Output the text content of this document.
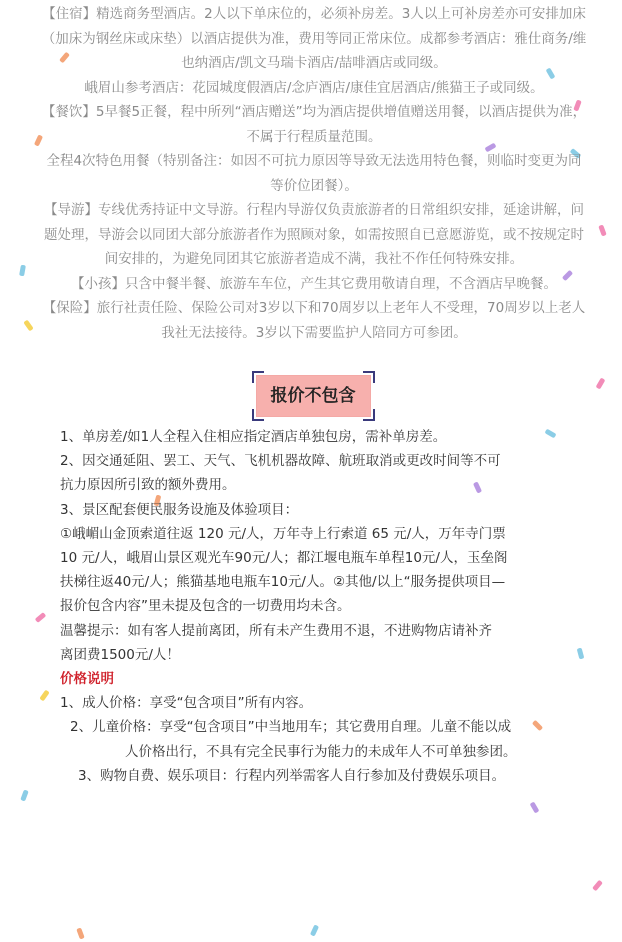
【住宿】精选商务型酒店。2人以下单床位的，必须补房差。3人以上可补房差亦可安排加床（加床为钢丝床或床垫）以酒店提供为准，费用等同正常床位。成都参考酒店：雅仕商务/维也纳酒店/凯文马瑞卡酒店/喆啡酒店或同级。

峨眉山参考酒店：花园城度假酒店/念庐酒店/康佳宜居酒店/熊猫王子或同级。

【餐饮】5早餐5正餐，程中所列“酒店赠送”均为酒店提供增值赠送用餐，以酒店提供为准，不属于行程质量范围。

全程4次特色用餐（特别备注：如因不可抗力原因等导致无法选用特色餐，则临时变更为同等价位团餐）。

【导游】专线优秀持证中文导游。行程内导游仅负责旅游者的日常组织安排，延途讲解，问题处理，导游会以同团大部分旅游者作为照顾对象，如需按照自已意愿游览，或不按规定时间安排的，为避免同团其它旅游者造成不满，我社不作任何特殊安排。

【小孩】只含中餐半餐、旅游车车位，产生其它费用敬请自理，不含酒店早晚餐。

【保险】旅行社责任险、保险公司对3岁以下和70周岁以上老年人不受理，70周岁以上老人我社无法接待。3岁以下需要监护人陪同方可参团。

报价不包含

1、单房差/如1人全程入住相应指定酒店单独包房，需补单房差。

2、因交通延阻、罢工、天气、飞机机器故障、航班取消或更改时间等不可

抗力原因所引致的额外费用。

3、景区配套便民服务设施及体验项目：

①峨嵋山金顶索道往返 120 元/人，万年寺上行索道 65 元/人，万年寺门票

10 元/人，峨眉山景区观光车90元/人；都江堰电瓶车单程10元/人，玉垒阁

扶梯往返40元/人；熊猫基地电瓶车10元/人。②其他/以上“服务提供项目—

报价包含内容”里未提及包含的一切费用均未含。

温馨提示：如有客人提前离团，所有未产生费用不退，不进购物店请补齐

离团费1500元/人！

价格说明

1、成人价格：享受“包含项目”所有内容。

2、儿童价格：享受“包含项目”中当地用车；其它费用自理。儿童不能以成

人价格出行，不具有完全民事行为能力的未成年人不可单独参团。

3、购物自费、娱乐项目：行程内列举需客人自行参加及付费娱乐项目。
